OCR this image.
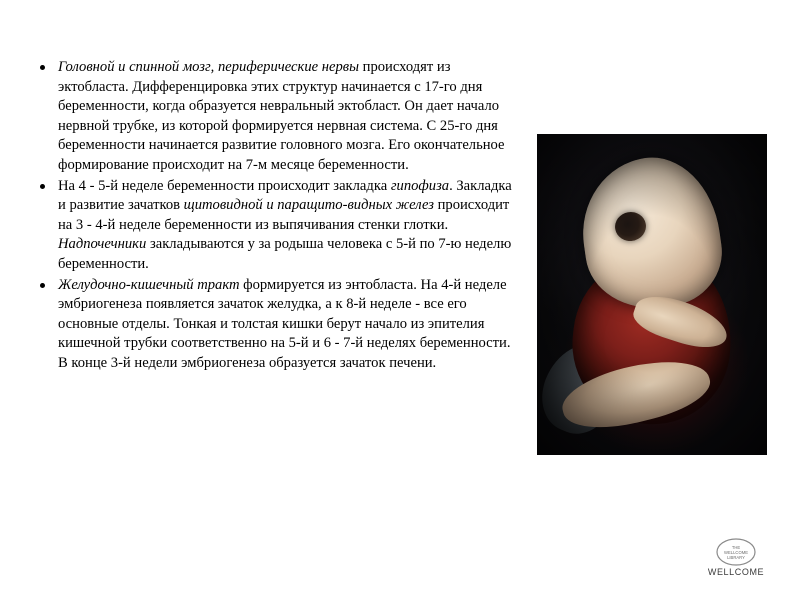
Головной и спинной мозг, периферические нервы происходят из эктобласта. Дифференцировка этих структур начинается с 17-го дня беременности, когда образуется невральный эктобласт. Он дает начало нервной трубке, из которой формируется нервная система. С 25-го дня беременности начинается развитие головного мозга. Его окончательное формирование происходит на 7-м месяце беременности.
На 4 - 5-й неделе беременности происходит закладка гипофиза. Закладка и развитие зачатков щитовидной и паращито-видных желез происходит на 3 - 4-й неделе беременности из выпячивания стенки глотки. Надпочечники закладываются у за родыша человека с 5-й по 7-ю неделю беременности.
Желудочно-кишечный тракт формируется из энтобласта. На 4-й неделе эмбриогенеза появляется зачаток желудка, а к 8-й неделе - все его основные отделы. Тонкая и толстая кишки берут начало из эпителия кишечной трубки соответственно на 5-й и 6 - 7-й неделях беременности. В конце 3-й недели эмбриогенеза образуется зачаток печени.
THE
WELLCOME
LIBRARY
WELLCOME
